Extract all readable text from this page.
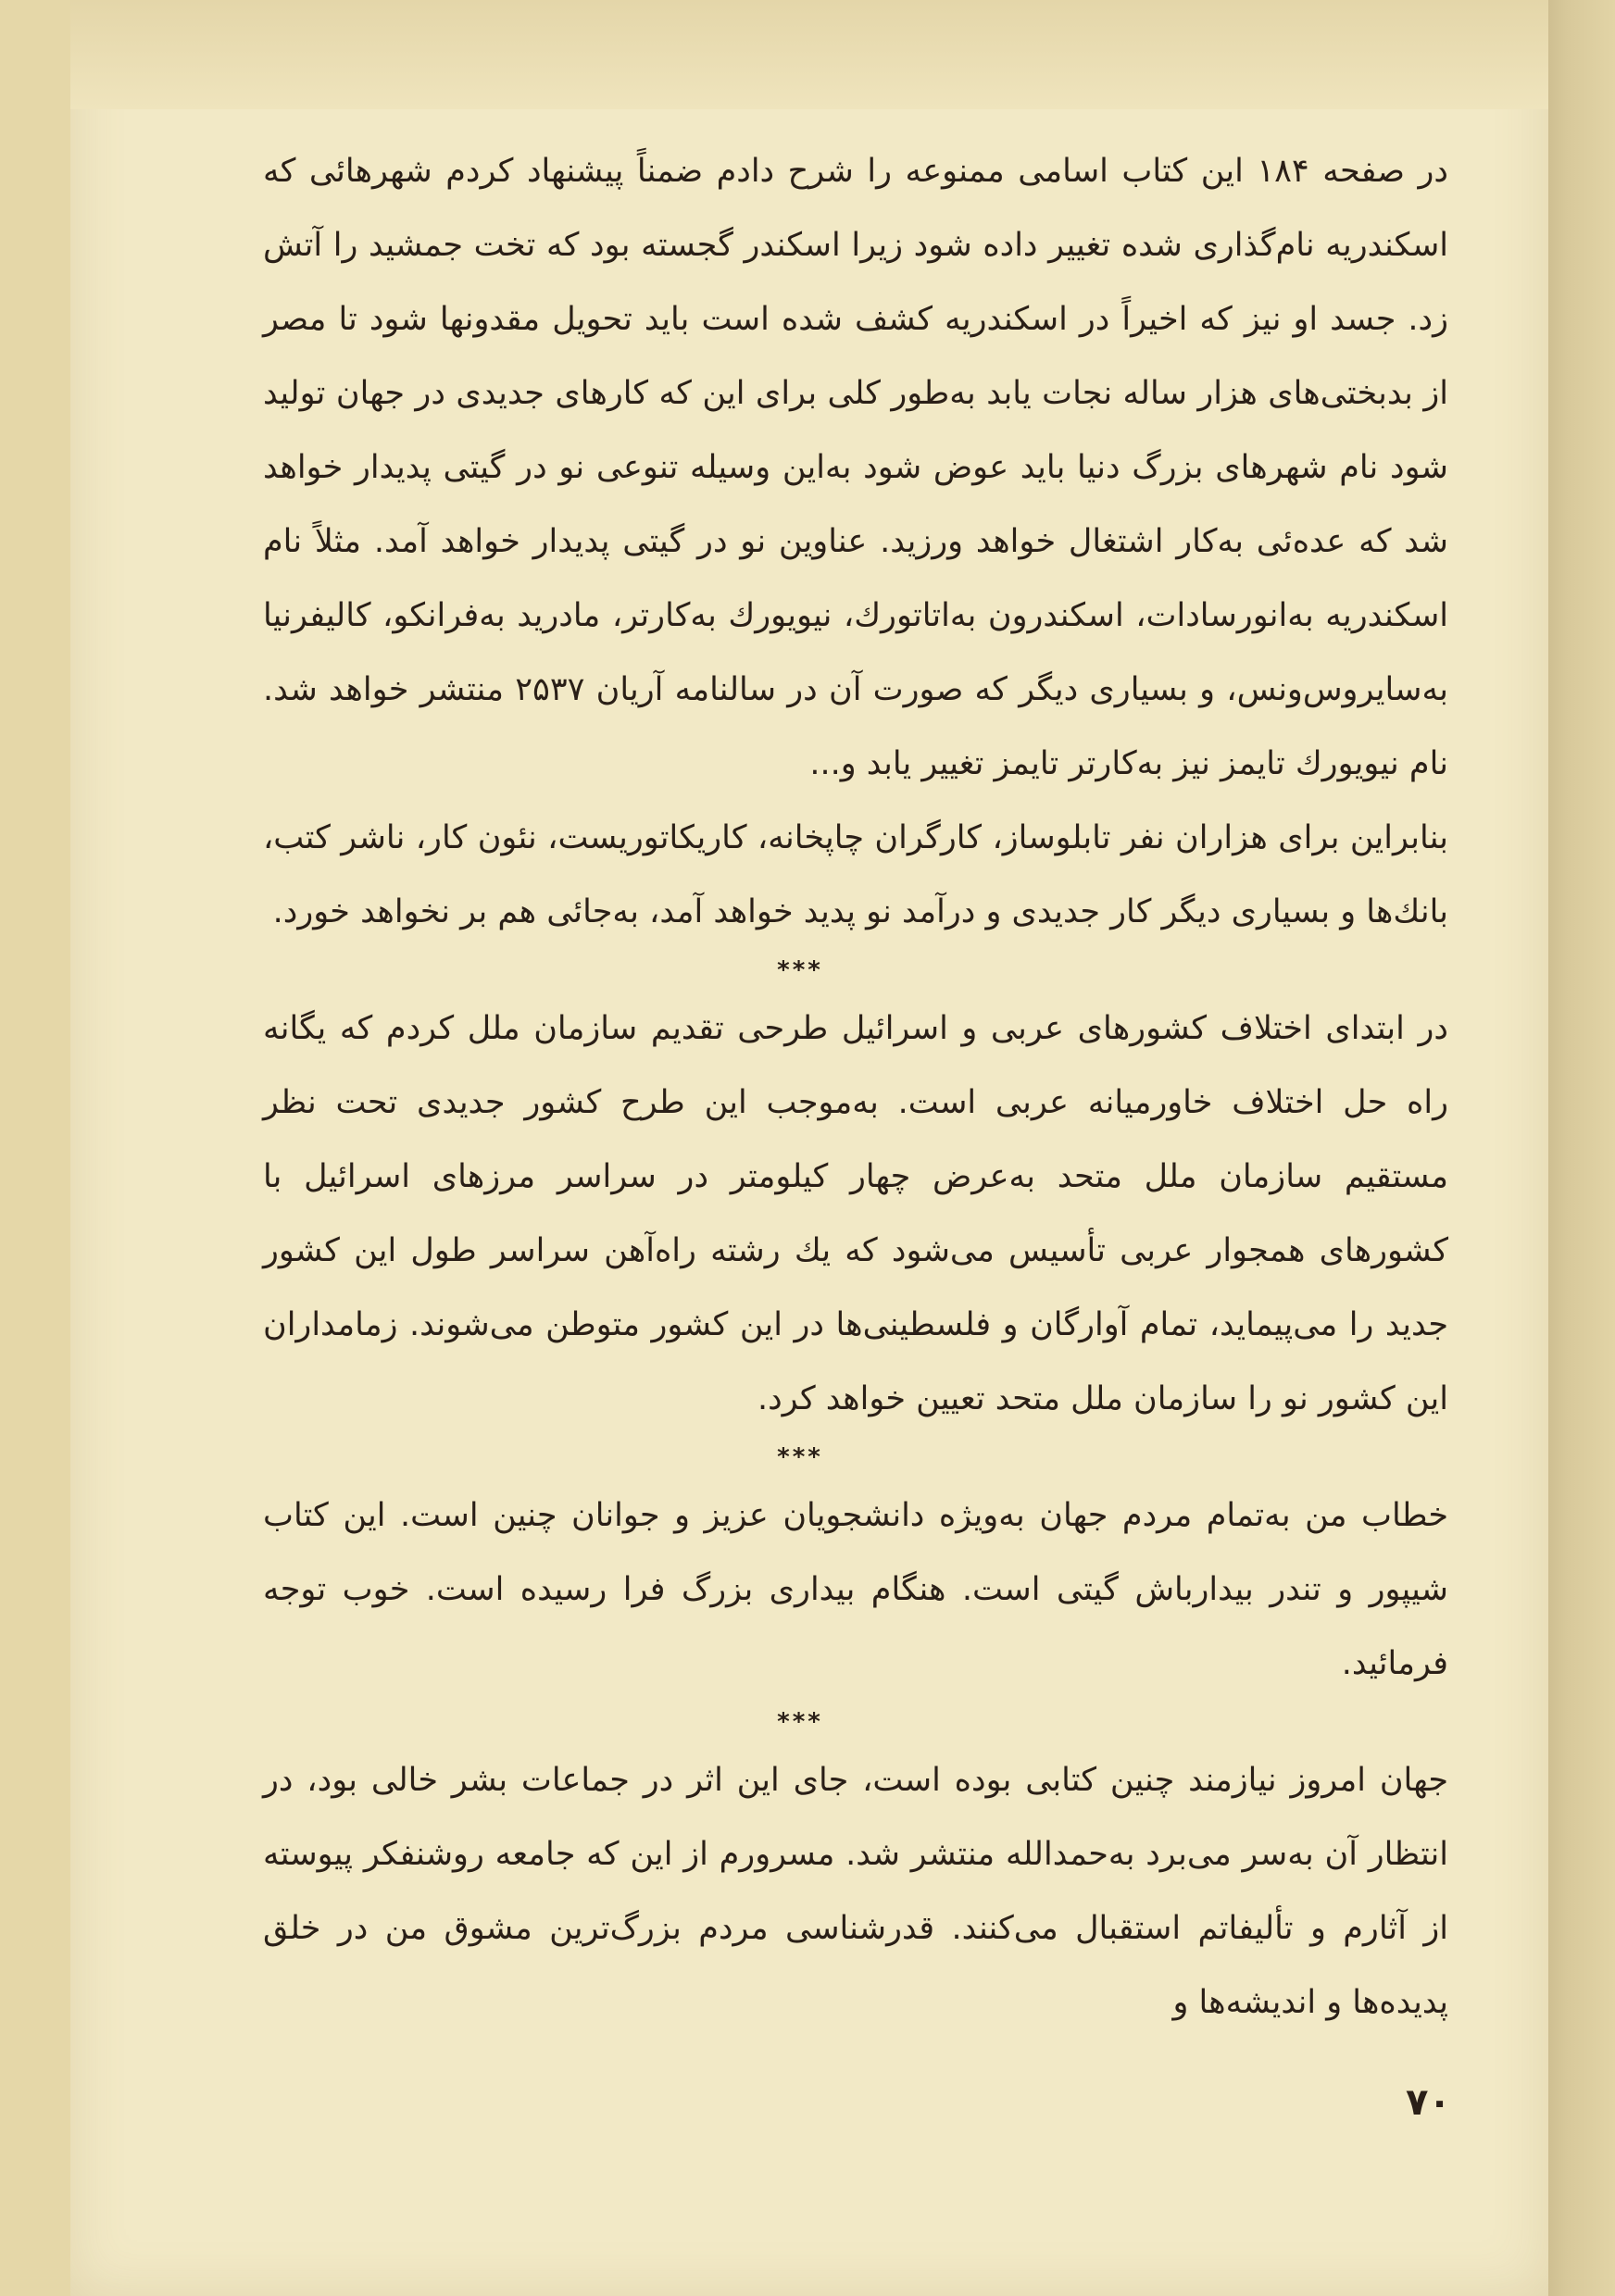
در صفحه ۱۸۴ این کتاب اسامی ممنوعه را شرح دادم ضمناً پیشنهاد کردم شهرهائی که اسکندریه نام‌گذاری شده تغییر داده شود زیرا اسکندر گجسته بود که تخت جمشید را آتش زد. جسد او نیز که اخیراً در اسکندریه کشف شده است باید تحویل مقدونها شود تا مصر از بدبختی‌های هزار ساله نجات یابد به‌طور کلی برای این که کارهای جدیدی در جهان تولید شود نام شهرهای بزرگ دنیا باید عوض شود به‌این وسیله تنوعی نو در گیتی پدیدار خواهد شد که عده‌ئی به‌کار اشتغال خواهد ورزید. عناوین نو در گیتی پدیدار خواهد آمد. مثلاً نام اسکندریه به‌انورسادات، اسکندرون به‌اتاتورك، نیویورك به‌کارتر، مادرید به‌فرانکو، کالیفرنیا به‌سایروس‌ونس، و بسیاری دیگر که صورت آن در سالنامه آریان ۲۵۳۷ منتشر خواهد شد. نام نیویورك تایمز نیز به‌کارتر تایمز تغییر یابد و...

بنابراین برای هزاران نفر تابلوساز، کارگران چاپخانه، کاریکاتوریست، نئون کار، ناشر کتب، بانك‌ها و بسیاری دیگر کار جدیدی و درآمد نو پدید خواهد آمد، به‌جائی هم بر نخواهد خورد.

***

در ابتدای اختلاف کشورهای عربی و اسرائیل طرحی تقدیم سازمان ملل کردم که یگانه راه حل اختلاف خاورمیانه عربی است. به‌موجب این طرح کشور جدیدی تحت نظر مستقیم سازمان ملل متحد به‌عرض چهار کیلومتر در سراسر مرزهای اسرائیل با کشورهای همجوار عربی تأسیس می‌شود که یك رشته راه‌آهن سراسر طول این کشور جدید را می‌پیماید، تمام آوارگان و فلسطینی‌ها در این کشور متوطن می‌شوند. زمامداران این کشور نو را سازمان ملل متحد تعیین خواهد کرد.

***

خطاب من به‌تمام مردم جهان به‌ویژه دانشجویان عزیز و جوانان چنین است. این کتاب شیپور و تندر بیدارباش گیتی است. هنگام بیداری بزرگ فرا رسیده است. خوب توجه فرمائید.

***

جهان امروز نیازمند چنین کتابی بوده است، جای این اثر در جماعات بشر خالی بود، در انتظار آن به‌سر می‌برد به‌حمدالله منتشر شد. مسرورم از این که جامعه روشنفکر پیوسته از آثارم و تألیفاتم استقبال می‌کنند. قدرشناسی مردم بزرگ‌ترین مشوق من در خلق پدیده‌ها و اندیشه‌ها و

۷۰
